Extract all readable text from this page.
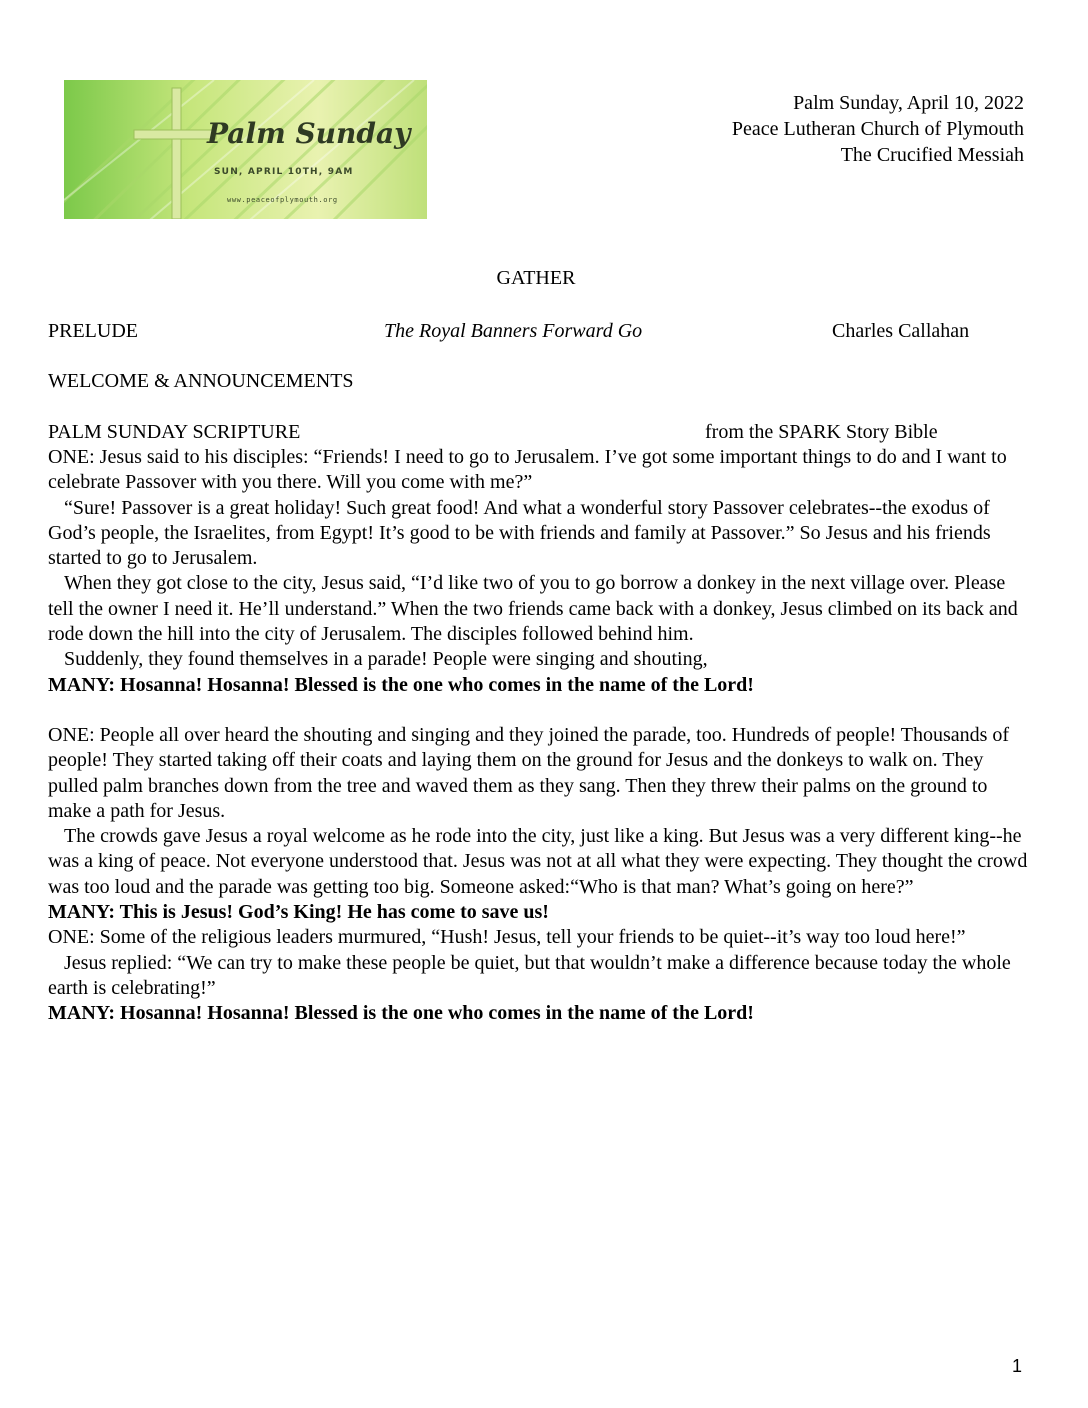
Palm Sunday
SUN, APRIL 10TH, 9AM
www.peaceofplymouth.org
Palm Sunday, April 10, 2022
Peace Lutheran Church of Plymouth
The Crucified Messiah
GATHER
PRELUDE	The Royal Banners Forward Go	Charles Callahan
WELCOME & ANNOUNCEMENTS
PALM SUNDAY SCRIPTURE	from the SPARK Story Bible

ONE: Jesus said to his disciples: “Friends! I need to go to Jerusalem. I’ve got some important things to do and I want to celebrate Passover with you there. Will you come with me?”

“Sure! Passover is a great holiday! Such great food! And what a wonderful story Passover celebrates--the exodus of God’s people, the Israelites, from Egypt! It’s good to be with friends and family at Passover.” So Jesus and his friends started to go to Jerusalem.

When they got close to the city, Jesus said, “I’d like two of you to go borrow a donkey in the next village over. Please tell the owner I need it. He’ll understand.” When the two friends came back with a donkey, Jesus climbed on its back and rode down the hill into the city of Jerusalem. The disciples followed behind him.

Suddenly, they found themselves in a parade! People were singing and shouting,

MANY: Hosanna! Hosanna! Blessed is the one who comes in the name of the Lord!

ONE: People all over heard the shouting and singing and they joined the parade, too. Hundreds of people! Thousands of people! They started taking off their coats and laying them on the ground for Jesus and the donkeys to walk on. They pulled palm branches down from the tree and waved them as they sang. Then they threw their palms on the ground to make a path for Jesus.

The crowds gave Jesus a royal welcome as he rode into the city, just like a king. But Jesus was a very different king--he was a king of peace. Not everyone understood that. Jesus was not at all what they were expecting. They thought the crowd was too loud and the parade was getting too big. Someone asked:“Who is that man? What’s going on here?”

MANY: This is Jesus! God’s King! He has come to save us!

ONE: Some of the religious leaders murmured, “Hush! Jesus, tell your friends to be quiet--it’s way too loud here!”

Jesus replied: “We can try to make these people be quiet, but that wouldn’t make a difference because today the whole earth is celebrating!”

MANY: Hosanna! Hosanna! Blessed is the one who comes in the name of the Lord!

1
